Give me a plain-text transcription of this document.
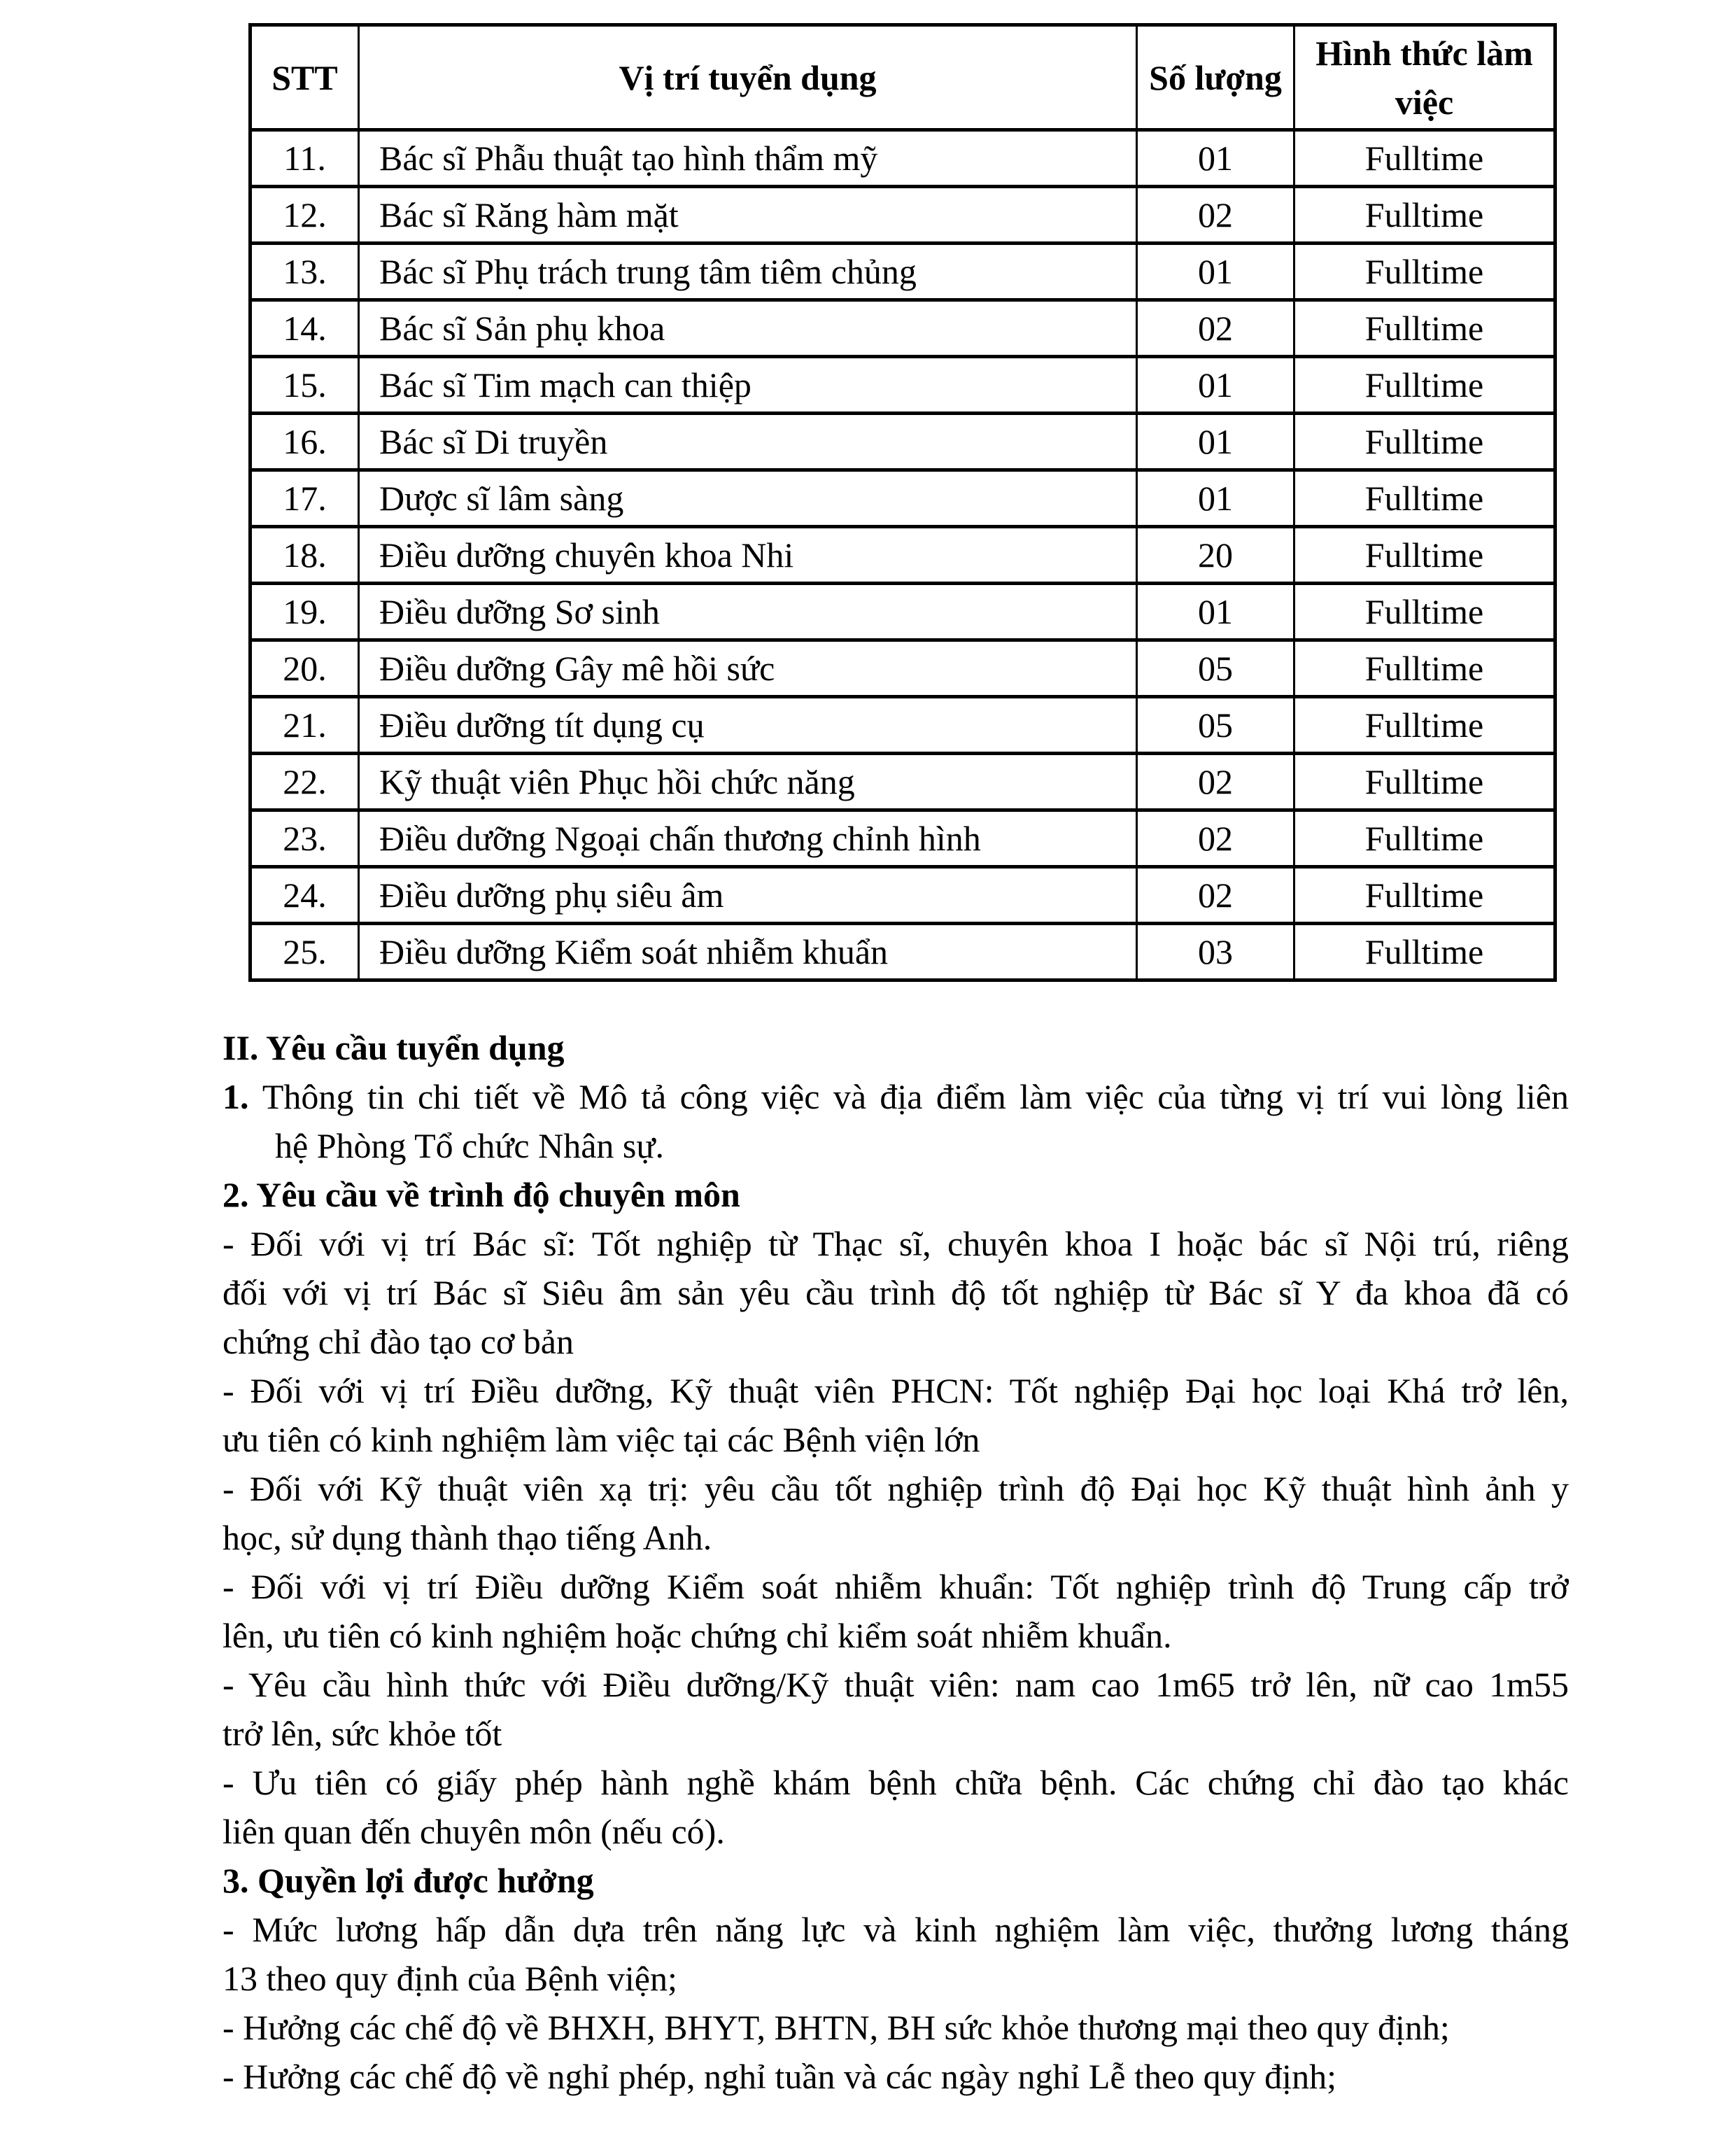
STT	Vị trí tuyển dụng	Số lượng	Hình thức làm việc
11.	Bác sĩ Phẫu thuật tạo hình thẩm mỹ	01	Fulltime
12.	Bác sĩ Răng hàm mặt	02	Fulltime
13.	Bác sĩ Phụ trách trung tâm tiêm chủng	01	Fulltime
14.	Bác sĩ Sản phụ khoa	02	Fulltime
15.	Bác sĩ Tim mạch can thiệp	01	Fulltime
16.	Bác sĩ Di truyền	01	Fulltime
17.	Dược sĩ lâm sàng	01	Fulltime
18.	Điều dưỡng chuyên khoa Nhi	20	Fulltime
19.	Điều dưỡng Sơ sinh	01	Fulltime
20.	Điều dưỡng Gây mê hồi sức	05	Fulltime
21.	Điều dưỡng tít dụng cụ	05	Fulltime
22.	Kỹ thuật viên Phục hồi chức năng	02	Fulltime
23.	Điều dưỡng Ngoại chấn thương chỉnh hình	02	Fulltime
24.	Điều dưỡng phụ siêu âm	02	Fulltime
25.	Điều dưỡng Kiểm soát nhiễm khuẩn	03	Fulltime
II. Yêu cầu tuyển dụng
1. Thông tin chi tiết về Mô tả công việc và địa điểm làm việc của từng vị trí vui lòng liên
hệ Phòng Tổ chức Nhân sự.
2. Yêu cầu về trình độ chuyên môn
- Đối với vị trí Bác sĩ: Tốt nghiệp từ Thạc sĩ, chuyên khoa I hoặc bác sĩ Nội trú, riêng
đối với vị trí Bác sĩ Siêu âm sản yêu cầu trình độ tốt nghiệp từ Bác sĩ Y đa khoa đã có
chứng chỉ đào tạo cơ bản
- Đối với vị trí Điều dưỡng, Kỹ thuật viên PHCN: Tốt nghiệp Đại học loại Khá trở lên,
ưu tiên có kinh nghiệm làm việc tại các Bệnh viện lớn
- Đối với Kỹ thuật viên xạ trị: yêu cầu tốt nghiệp trình độ Đại học Kỹ thuật hình ảnh y
học, sử dụng thành thạo tiếng Anh.
- Đối với vị trí Điều dưỡng Kiểm soát nhiễm khuẩn: Tốt nghiệp trình độ Trung cấp trở
lên, ưu tiên có kinh nghiệm hoặc chứng chỉ kiểm soát nhiễm khuẩn.
- Yêu cầu hình thức với Điều dưỡng/Kỹ thuật viên: nam cao 1m65 trở lên, nữ cao 1m55
trở lên, sức khỏe tốt
- Ưu tiên có giấy phép hành nghề khám bệnh chữa bệnh. Các chứng chỉ đào tạo khác
liên quan đến chuyên môn (nếu có).
3. Quyền lợi được hưởng
- Mức lương hấp dẫn dựa trên năng lực và kinh nghiệm làm việc, thưởng lương tháng
13 theo quy định của Bệnh viện;
- Hưởng các chế độ về BHXH, BHYT, BHTN, BH sức khỏe thương mại theo quy định;
- Hưởng các chế độ về nghỉ phép, nghỉ tuần và các ngày nghỉ Lễ theo quy định;
